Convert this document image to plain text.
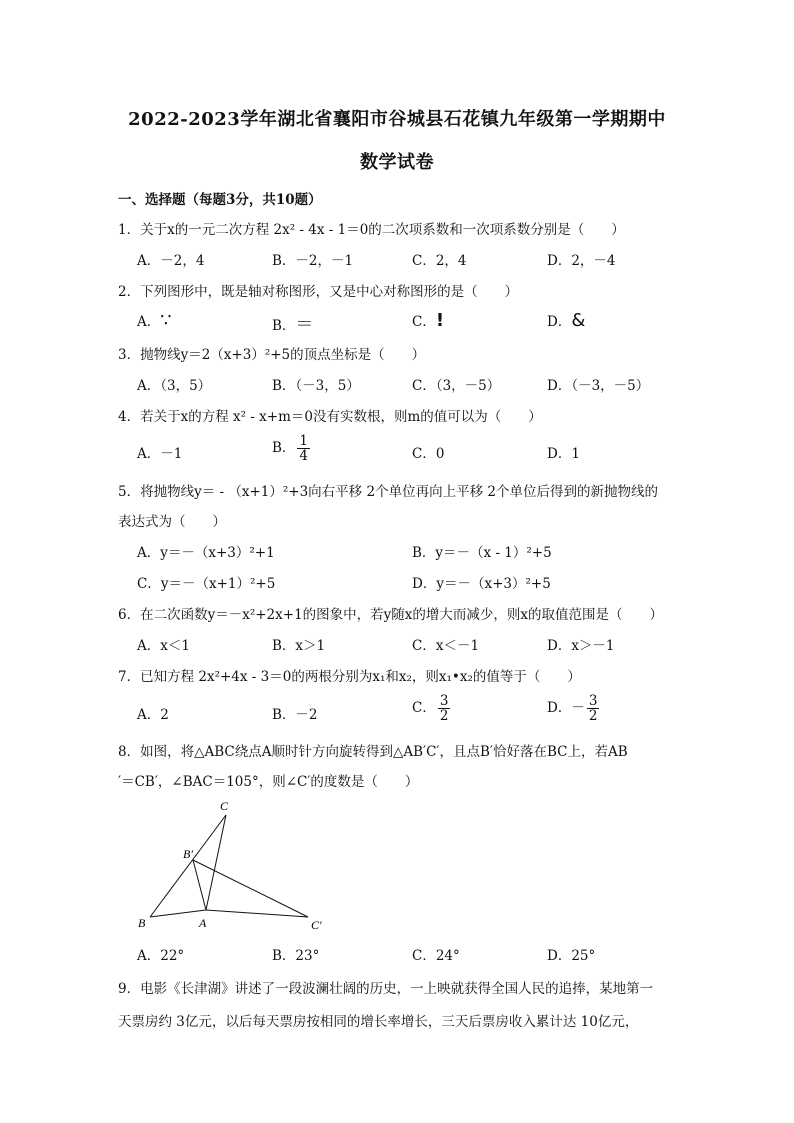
2022-2023学年湖北省襄阳市谷城县石花镇九年级第一学期期中
数学试卷
一、选择题（每题3分，共10题）
1．关于x的一元二次方程 2x² - 4x - 1＝0的二次项系数和一次项系数分别是（　　）
A．－2，4	B．－2，－1	C．2，4	D．2，－4
2．下列图形中，既是轴对称图形，又是中心对称图形的是（　　）
A．∵	B．＝	C．!	D．&
3．抛物线y＝2（x+3）²+5的顶点坐标是（　　）
A．（3，5）	B．（－3，5）	C．（3，－5）	D．（－3，－5）
4．若关于x的方程 x² - x+m＝0没有实数根，则m的值可以为（　　）
A．－1	B． $\frac{1}{4}$	C．0	D．1
5．将抛物线y＝ - （x+1）²+3向右平移 2个单位再向上平移 2个单位后得到的新抛物线的
表达式为（　　）
A．y＝－（x+3）²+1	B．y＝－（x - 1）²+5
C．y＝－（x+1）²+5	D．y＝－（x+3）²+5
6．在二次函数y＝－x²+2x+1的图象中，若y随x的增大而减少，则x的取值范围是（　　）
A．x＜1	B．x＞1	C．x＜－1	D．x＞－1
7．已知方程 2x²+4x - 3＝0的两根分别为x₁和x₂，则x₁•x₂的值等于（　　）
A．2	B．－2	C． $\frac{3}{2}$	D．－ $\frac{3}{2}$
8．如图，将△ABC绕点A顺时针方向旋转得到△AB′C′，且点B′恰好落在BC上，若AB
′＝CB′，∠BAC＝105°，则∠C′的度数是（　　）
C
B′
B	A	C′
A．22°	B．23°	C．24°	D．25°
9．电影《长津湖》讲述了一段波澜壮阔的历史，一上映就获得全国人民的追捧，某地第一
天票房约 3亿元，以后每天票房按相同的增长率增长，三天后票房收入累计达 10亿元，
